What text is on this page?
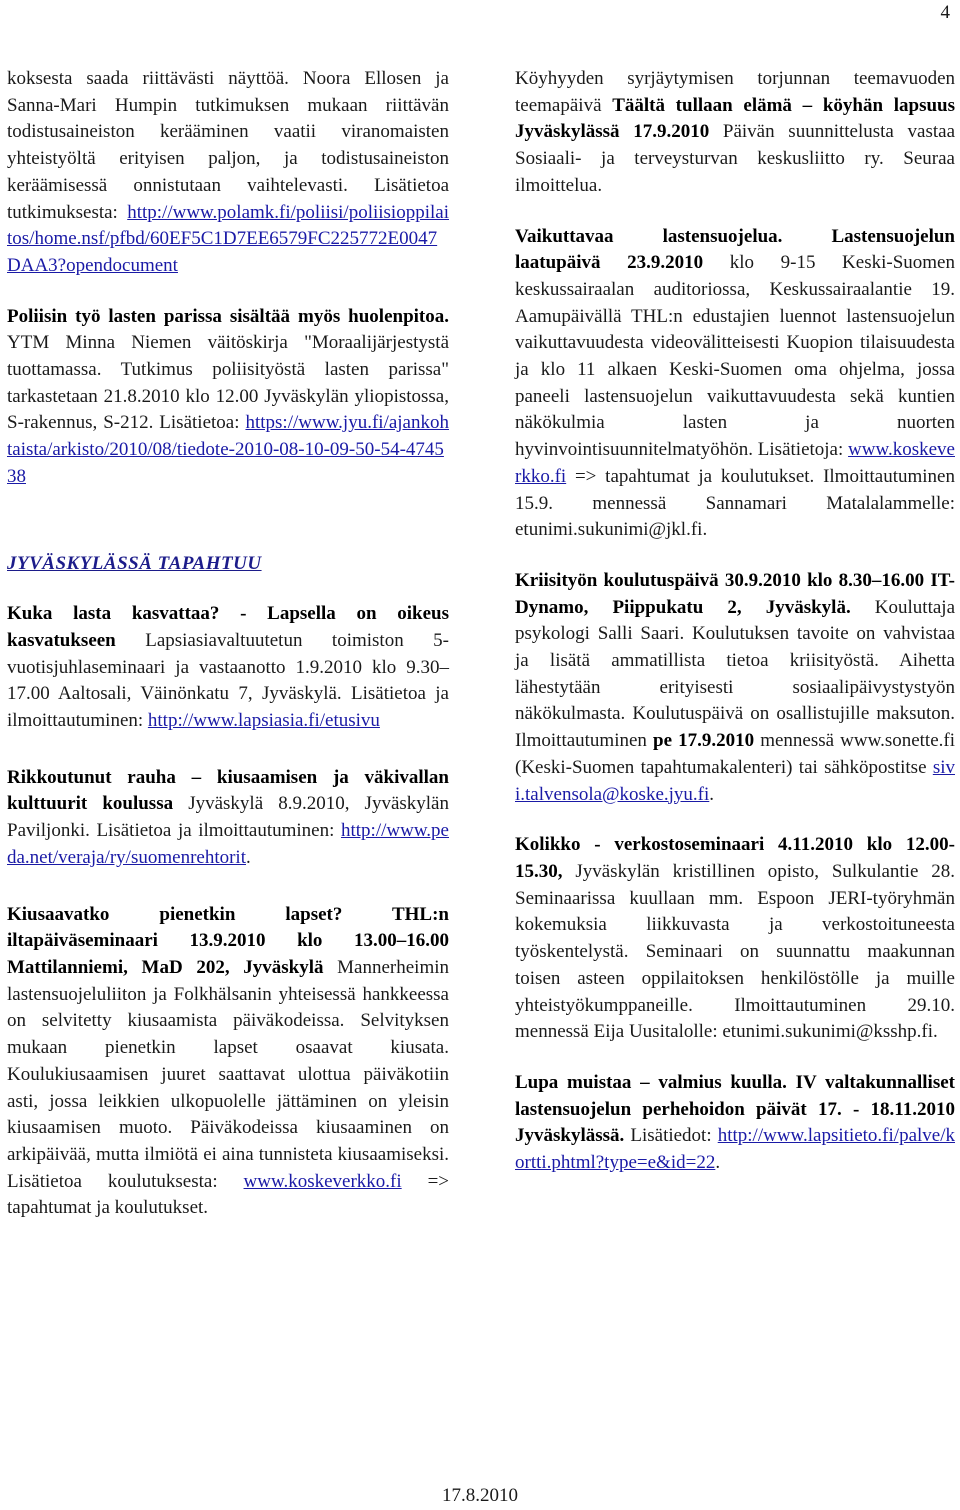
4

koksesta saada riittävästi näyttöä. Noora Ellosen ja Sanna-Mari Humpin tutkimuksen mukaan riittävän todistusaineiston kerääminen vaatii viranomaisten yhteistyöltä erityisen paljon, ja todistusaineiston keräämisessä onnistutaan vaihtelevasti. Lisätietoa tutkimuksesta: http://www.polamk.fi/poliisi/poliisioppilaitos/home.nsf/pfbd/60EF5C1D7EE6579FC225772E0047DAA3?opendocument

Poliisin työ lasten parissa sisältää myös huolenpitoa. YTM Minna Niemen väitöskirja "Moraalijärjestystä tuottamassa. Tutkimus poliisityöstä lasten parissa" tarkastetaan 21.8.2010 klo 12.00 Jyväskylän yliopistossa, S-rakennus, S-212. Lisätietoa: https://www.jyu.fi/ajankohtaista/arkisto/2010/08/tiedote-2010-08-10-09-50-54-474538

JYVÄSKYLÄSSÄ TAPAHTUU

Kuka lasta kasvattaa? - Lapsella on oikeus kasvatukseen Lapsiasiavaltuutetun toimiston 5-vuotisjuhlaseminaari ja vastaanotto 1.9.2010 klo 9.30–17.00 Aaltosali, Väinönkatu 7, Jyväskylä. Lisätietoa ja ilmoittautuminen: http://www.lapsiasia.fi/etusivu

Rikkoutunut rauha – kiusaamisen ja väkivallan kulttuurit koulussa Jyväskylä 8.9.2010, Jyväskylän Paviljonki. Lisätietoa ja ilmoittautuminen: http://www.peda.net/veraja/ry/suomenrehtorit.

Kiusaavatko pienetkin lapset? THL:n iltapäiväseminaari 13.9.2010 klo 13.00–16.00 Mattilanniemi, MaD 202, Jyväskylä Mannerheimin lastensuojeluliiton ja Folkhälsanin yhteisessä hankkeessa on selvitetty kiusaamista päiväkodeissa. Selvityksen mukaan pienetkin lapset osaavat kiusata. Koulukiusaamisen juuret saattavat ulottua päiväkotiin asti, jossa leikkien ulkopuolelle jättäminen on yleisin kiusaamisen muoto. Päiväkodeissa kiusaaminen on arkipäivää, mutta ilmiötä ei aina tunnisteta kiusaamiseksi. Lisätietoa koulutuksesta: www.koskeverkko.fi => tapahtumat ja koulutukset.

Köyhyyden syrjäytymisen torjunnan teemavuoden teemapäivä Täältä tullaan elämä – köyhän lapsuus Jyväskylässä 17.9.2010 Päivän suunnittelusta vastaa Sosiaali- ja terveysturvan keskusliitto ry. Seuraa ilmoittelua.

Vaikuttavaa lastensuojelua. Lastensuojelun laatupäivä 23.9.2010 klo 9-15 Keski-Suomen keskussairaalan auditoriossa, Keskussairaalantie 19. Aamupäivällä THL:n edustajien luennot lastensuojelun vaikuttavuudesta videovälitteisesti Kuopion tilaisuudesta ja klo 11 alkaen Keski-Suomen oma ohjelma, jossa paneeli lastensuojelun vaikuttavuudesta sekä kuntien näkökulmia lasten ja nuorten hyvinvointisuunnitelmatyöhön. Lisätietoja: www.koskeverkko.fi => tapahtumat ja koulutukset. Ilmoittautuminen 15.9. mennessä Sannamari Matalalammelle: etunimi.sukunimi@jkl.fi.

Kriisityön koulutuspäivä 30.9.2010 klo 8.30–16.00 IT-Dynamo, Piippukatu 2, Jyväskylä. Kouluttaja psykologi Salli Saari. Koulutuksen tavoite on vahvistaa ja lisätä ammatillista tietoa kriisityöstä. Aihetta lähestytään erityisesti sosiaalipäivystystyön näkökulmasta. Koulutuspäivä on osallistujille maksuton. Ilmoittautuminen pe 17.9.2010 mennessä www.sonette.fi (Keski-Suomen tapahtumakalenteri) tai sähköpostitse sivi.talvensola@koske.jyu.fi.

Kolikko - verkostoseminaari 4.11.2010 klo 12.00-15.30, Jyväskylän kristillinen opisto, Sulkulantie 28. Seminaarissa kuullaan mm. Espoon JERI-työryhmän kokemuksia liikkuvasta ja verkostoituneesta työskentelystä. Seminaari on suunnattu maakunnan toisen asteen oppilaitoksen henkilöstölle ja muille yhteistyökumppaneille. Ilmoittautuminen 29.10. mennessä Eija Uusitalolle: etunimi.sukunimi@ksshp.fi.

Lupa muistaa – valmius kuulla. IV valtakunnalliset lastensuojelun perhehoidon päivät 17. - 18.11.2010 Jyväskylässä. Lisätiedot: http://www.lapsitieto.fi/palve/kortti.phtml?type=e&id=22.

17.8.2010
